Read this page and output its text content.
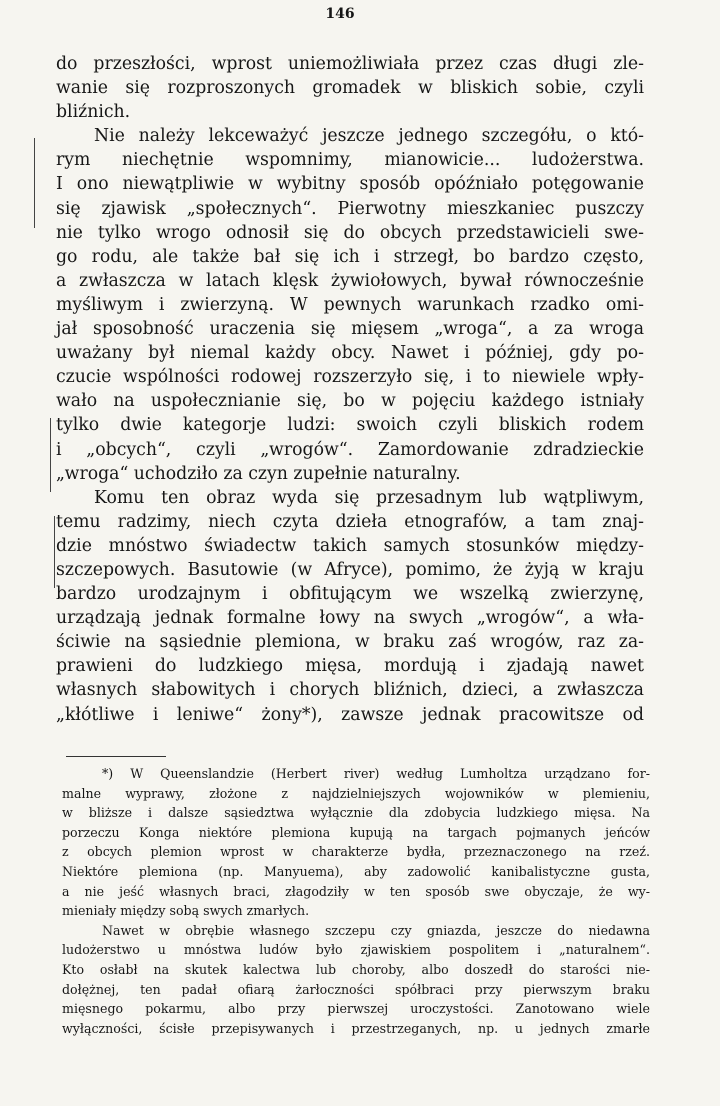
146
do przeszłości, wprost uniemożliwiała przez czas długi zle-
wanie się rozproszonych gromadek w bliskich sobie, czyli
bliźnich.
Nie należy lekceważyć jeszcze jednego szczegółu, o któ-
rym niechętnie wspomnimy, mianowicie... ludożerstwa.
I ono niewątpliwie w wybitny sposób opóźniało potęgowanie
się zjawisk „społecznych“. Pierwotny mieszkaniec puszczy
nie tylko wrogo odnosił się do obcych przedstawicieli swe-
go rodu, ale także bał się ich i strzegł, bo bardzo często,
a zwłaszcza w latach klęsk żywiołowych, bywał równocześnie
myśliwym i zwierzyną. W pewnych warunkach rzadko omi-
jał sposobność uraczenia się mięsem „wroga“, a za wroga
uważany był niemal każdy obcy. Nawet i później, gdy po-
czucie wspólności rodowej rozszerzyło się, i to niewiele wpły-
wało na uspołecznianie się, bo w pojęciu każdego istniały
tylko dwie kategorje ludzi: swoich czyli bliskich rodem
i „obcych“, czyli „wrogów“. Zamordowanie zdradzieckie
„wroga“ uchodziło za czyn zupełnie naturalny.
Komu ten obraz wyda się przesadnym lub wątpliwym,
temu radzimy, niech czyta dzieła etnografów, a tam znaj-
dzie mnóstwo świadectw takich samych stosunków między-
szczepowych. Basutowie (w Afryce), pomimo, że żyją w kraju
bardzo urodzajnym i obfitującym we wszelką zwierzynę,
urządzają jednak formalne łowy na swych „wrogów“, a wła-
ściwie na sąsiednie plemiona, w braku zaś wrogów, raz za-
prawieni do ludzkiego mięsa, mordują i zjadają nawet
własnych słabowitych i chorych bliźnich, dzieci, a zwłaszcza
„kłótliwe i leniwe“ żony*), zawsze jednak pracowitsze od
*) W Queenslandzie (Herbert river) według Lumholtza urządzano for-
malne wyprawy, złożone z najdzielniejszych wojowników w plemieniu,
w bliższe i dalsze sąsiedztwa wyłącznie dla zdobycia ludzkiego mięsa. Na
porzeczu Konga niektóre plemiona kupują na targach pojmanych jeńców
z obcych plemion wprost w charakterze bydła, przeznaczonego na rzeź.
Niektóre plemiona (np. Manyuema), aby zadowolić kanibalistyczne gusta,
a nie jeść własnych braci, złagodziły w ten sposób swe obyczaje, że wy-
mieniały między sobą swych zmarłych.
Nawet w obrębie własnego szczepu czy gniazda, jeszcze do niedawna
ludożerstwo u mnóstwa ludów było zjawiskiem pospolitem i „naturalnem“.
Kto osłabł na skutek kalectwa lub choroby, albo doszedł do starości nie-
dołężnej, ten padał ofiarą żarłoczności spółbraci przy pierwszym braku
mięsnego pokarmu, albo przy pierwszej uroczystości. Zanotowano wiele
wyłączności, ścisłe przepisywanych i przestrzeganych, np. u jednych zmarłe
